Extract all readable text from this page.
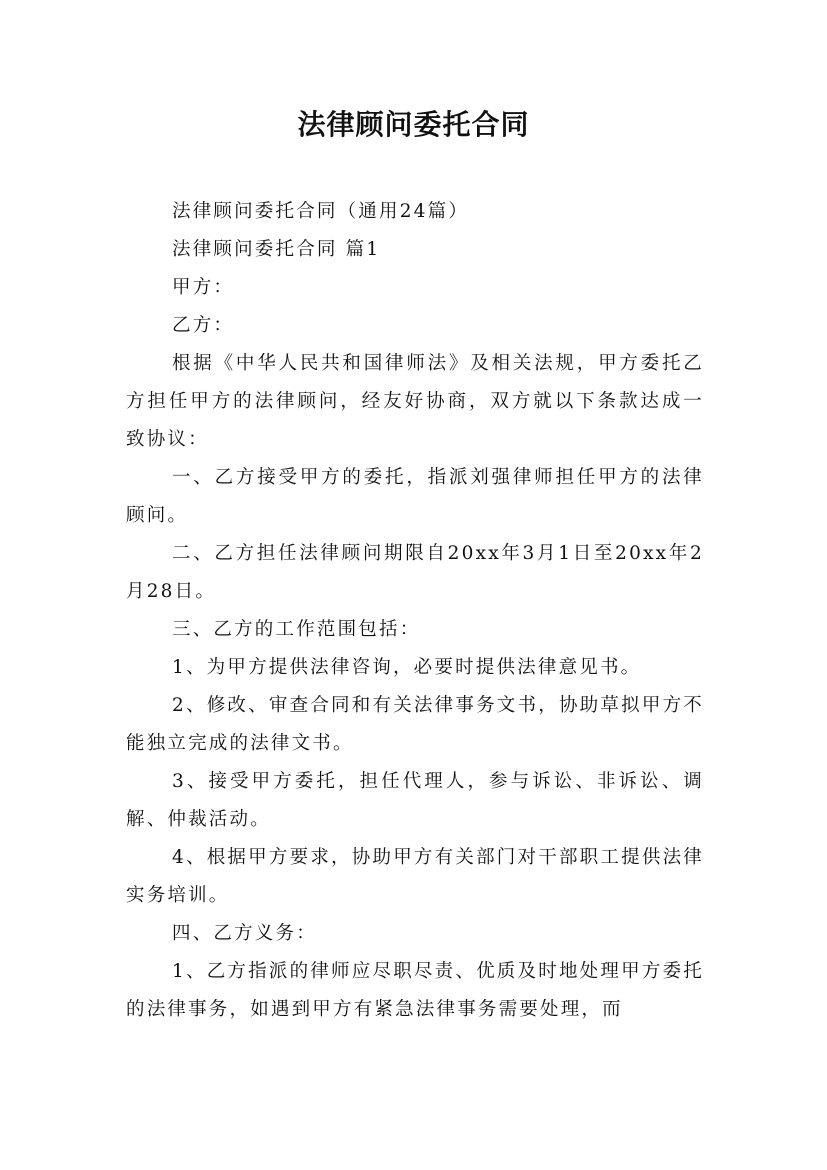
法律顾问委托合同

法律顾问委托合同（通用24篇）

法律顾问委托合同 篇1

甲方：

乙方：

根据《中华人民共和国律师法》及相关法规，甲方委托乙方担任甲方的法律顾问，经友好协商，双方就以下条款达成一致协议：

一、乙方接受甲方的委托，指派刘强律师担任甲方的法律顾问。

二、乙方担任法律顾问期限自20xx年3月1日至20xx年2月28日。

三、乙方的工作范围包括：

1、为甲方提供法律咨询，必要时提供法律意见书。

2、修改、审查合同和有关法律事务文书，协助草拟甲方不能独立完成的法律文书。

3、接受甲方委托，担任代理人，参与诉讼、非诉讼、调解、仲裁活动。

4、根据甲方要求，协助甲方有关部门对干部职工提供法律实务培训。

四、乙方义务：

1、乙方指派的律师应尽职尽责、优质及时地处理甲方委托的法律事务，如遇到甲方有紧急法律事务需要处理，而
